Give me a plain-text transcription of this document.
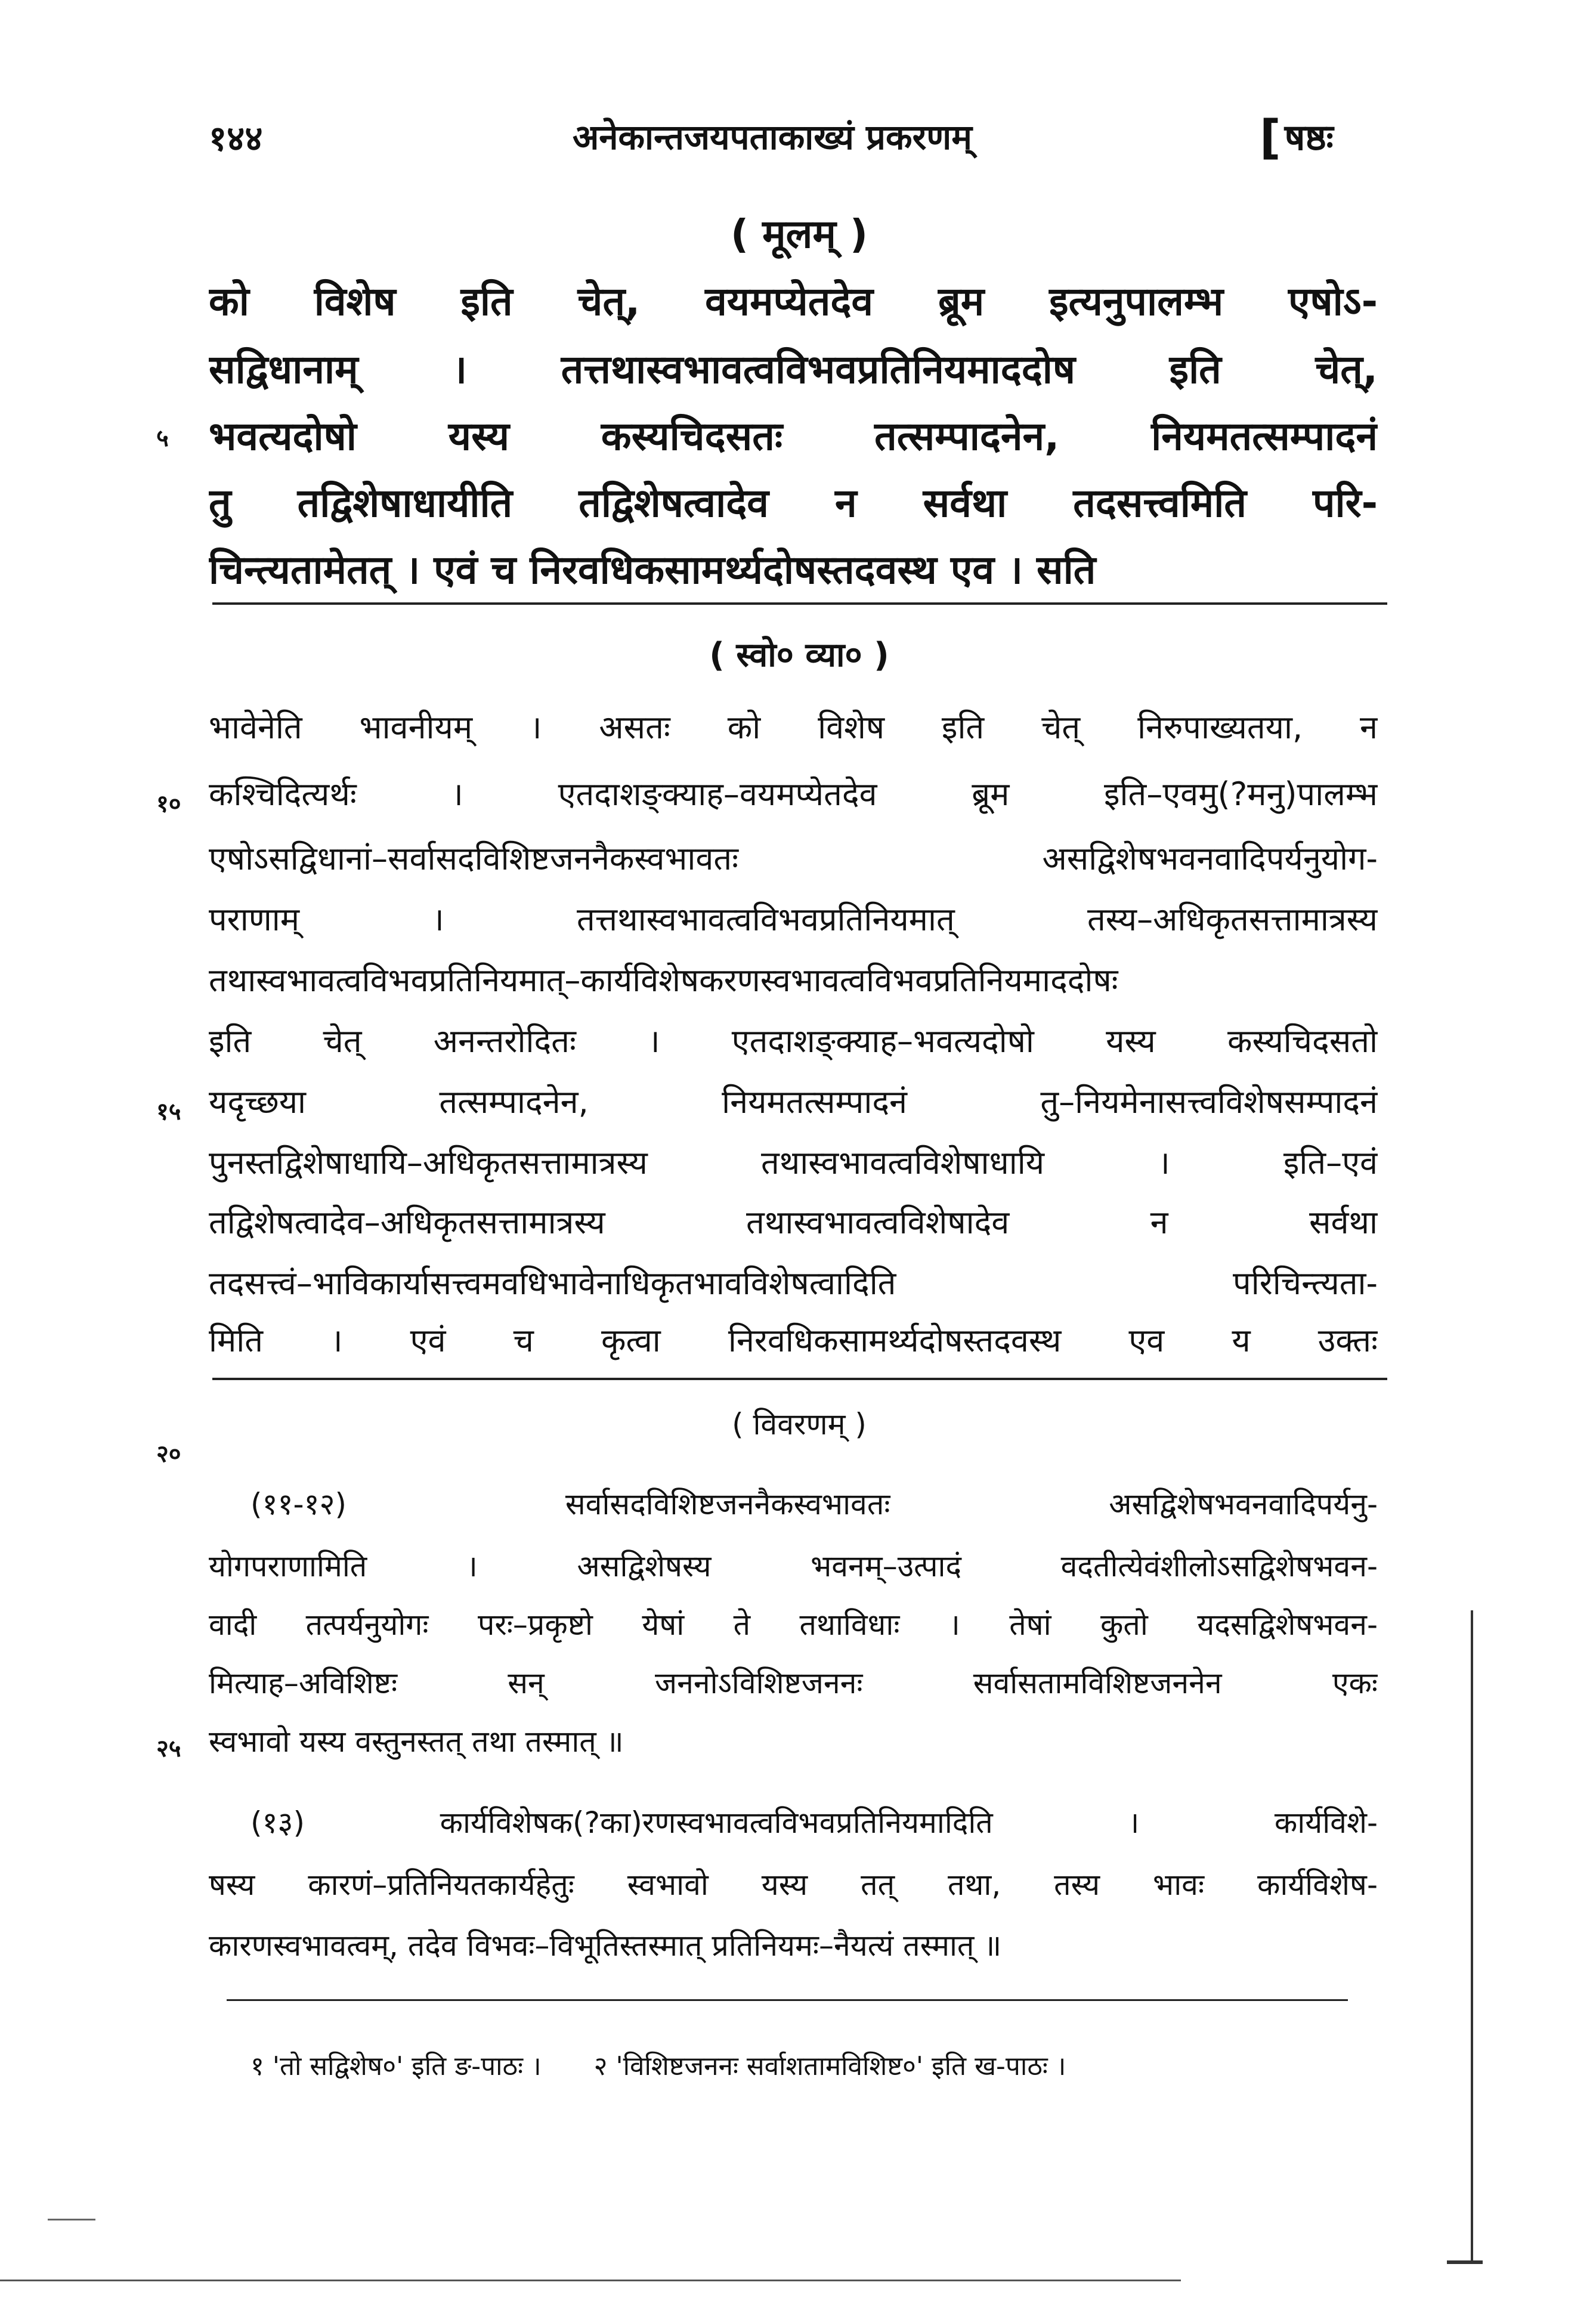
१४४	अनेकान्तजयपताकाख्यं प्रकरणम्	[ षष्ठः
( मूलम् )
को विशेष इति चेत्, वयमप्येतदेव ब्रूम इत्यनुपालम्भ एषोऽ-
सद्विधानाम् । तत्तथास्वभावत्वविभवप्रतिनियमाददोष इति चेत्,
भवत्यदोषो यस्य कस्यचिदसतः तत्सम्पादनेन, नियमतत्सम्पादनं
तु तद्विशेषाधायीति तद्विशेषत्वादेव न सर्वथा तदसत्त्वमिति परि-
चिन्त्यतामेतत् । एवं च निरवधिकसामर्थ्यदोषस्तदवस्थ एव । सति
५
( स्वो० व्या० )
भावेनेति भावनीयम् । असतः को विशेष इति चेत् निरुपाख्यतया, न
कश्चिदित्यर्थः । एतदाशङ्क्याह–वयमप्येतदेव ब्रूम इति–एवमु(?मनु)पालम्भ
एषोऽसद्विधानां–सर्वासदविशिष्टजननैकस्वभावतः असद्विशेषभवनवादिपर्यनुयोग-
पराणाम् । तत्तथास्वभावत्वविभवप्रतिनियमात् तस्य–अधिकृतसत्तामात्रस्य
तथास्वभावत्वविभवप्रतिनियमात्–कार्यविशेषकरणस्वभावत्वविभवप्रतिनियमाददोषः
इति चेत् अनन्तरोदितः । एतदाशङ्क्याह–भवत्यदोषो यस्य कस्यचिदसतो
यदृच्छया तत्सम्पादनेन, नियमतत्सम्पादनं तु–नियमेनासत्त्वविशेषसम्पादनं
पुनस्तद्विशेषाधायि–अधिकृतसत्तामात्रस्य तथास्वभावत्वविशेषाधायि । इति–एवं
तद्विशेषत्वादेव–अधिकृतसत्तामात्रस्य तथास्वभावत्वविशेषादेव न सर्वथा
तदसत्त्वं–भाविकार्यासत्त्वमवधिभावेनाधिकृतभावविशेषत्वादिति परिचिन्त्यता-
मिति । एवं च कृत्वा निरवधिकसामर्थ्यदोषस्तदवस्थ एव य उक्तः
१०
१५
( विवरणम् )
२०
(११-१२) सर्वासदविशिष्टजननैकस्वभावतः असद्विशेषभवनवादिपर्यनु-
योगपराणामिति । असद्विशेषस्य भवनम्–उत्पादं वदतीत्येवंशीलोऽसद्विशेषभवन-
वादी तत्पर्यनुयोगः परः–प्रकृष्टो येषां ते तथाविधाः । तेषां कुतो यदसद्विशेषभवन-
मित्याह–अविशिष्टः सन् जननोऽविशिष्टजननः सर्वासतामविशिष्टजननेन एकः
स्वभावो यस्य वस्तुनस्तत् तथा तस्मात् ॥
२५
(१३) कार्यविशेषक(?का)रणस्वभावत्वविभवप्रतिनियमादिति । कार्यविशे-
षस्य कारणं–प्रतिनियतकार्यहेतुः स्वभावो यस्य तत् तथा, तस्य भावः कार्यविशेष-
कारणस्वभावत्वम्, तदेव विभवः–विभूतिस्तस्मात् प्रतिनियमः–नैयत्यं तस्मात् ॥
१ 'तो सद्विशेष०' इति ङ-पाठः । २ 'विशिष्टजननः सर्वाशतामविशिष्ट०' इति ख-पाठः ।
